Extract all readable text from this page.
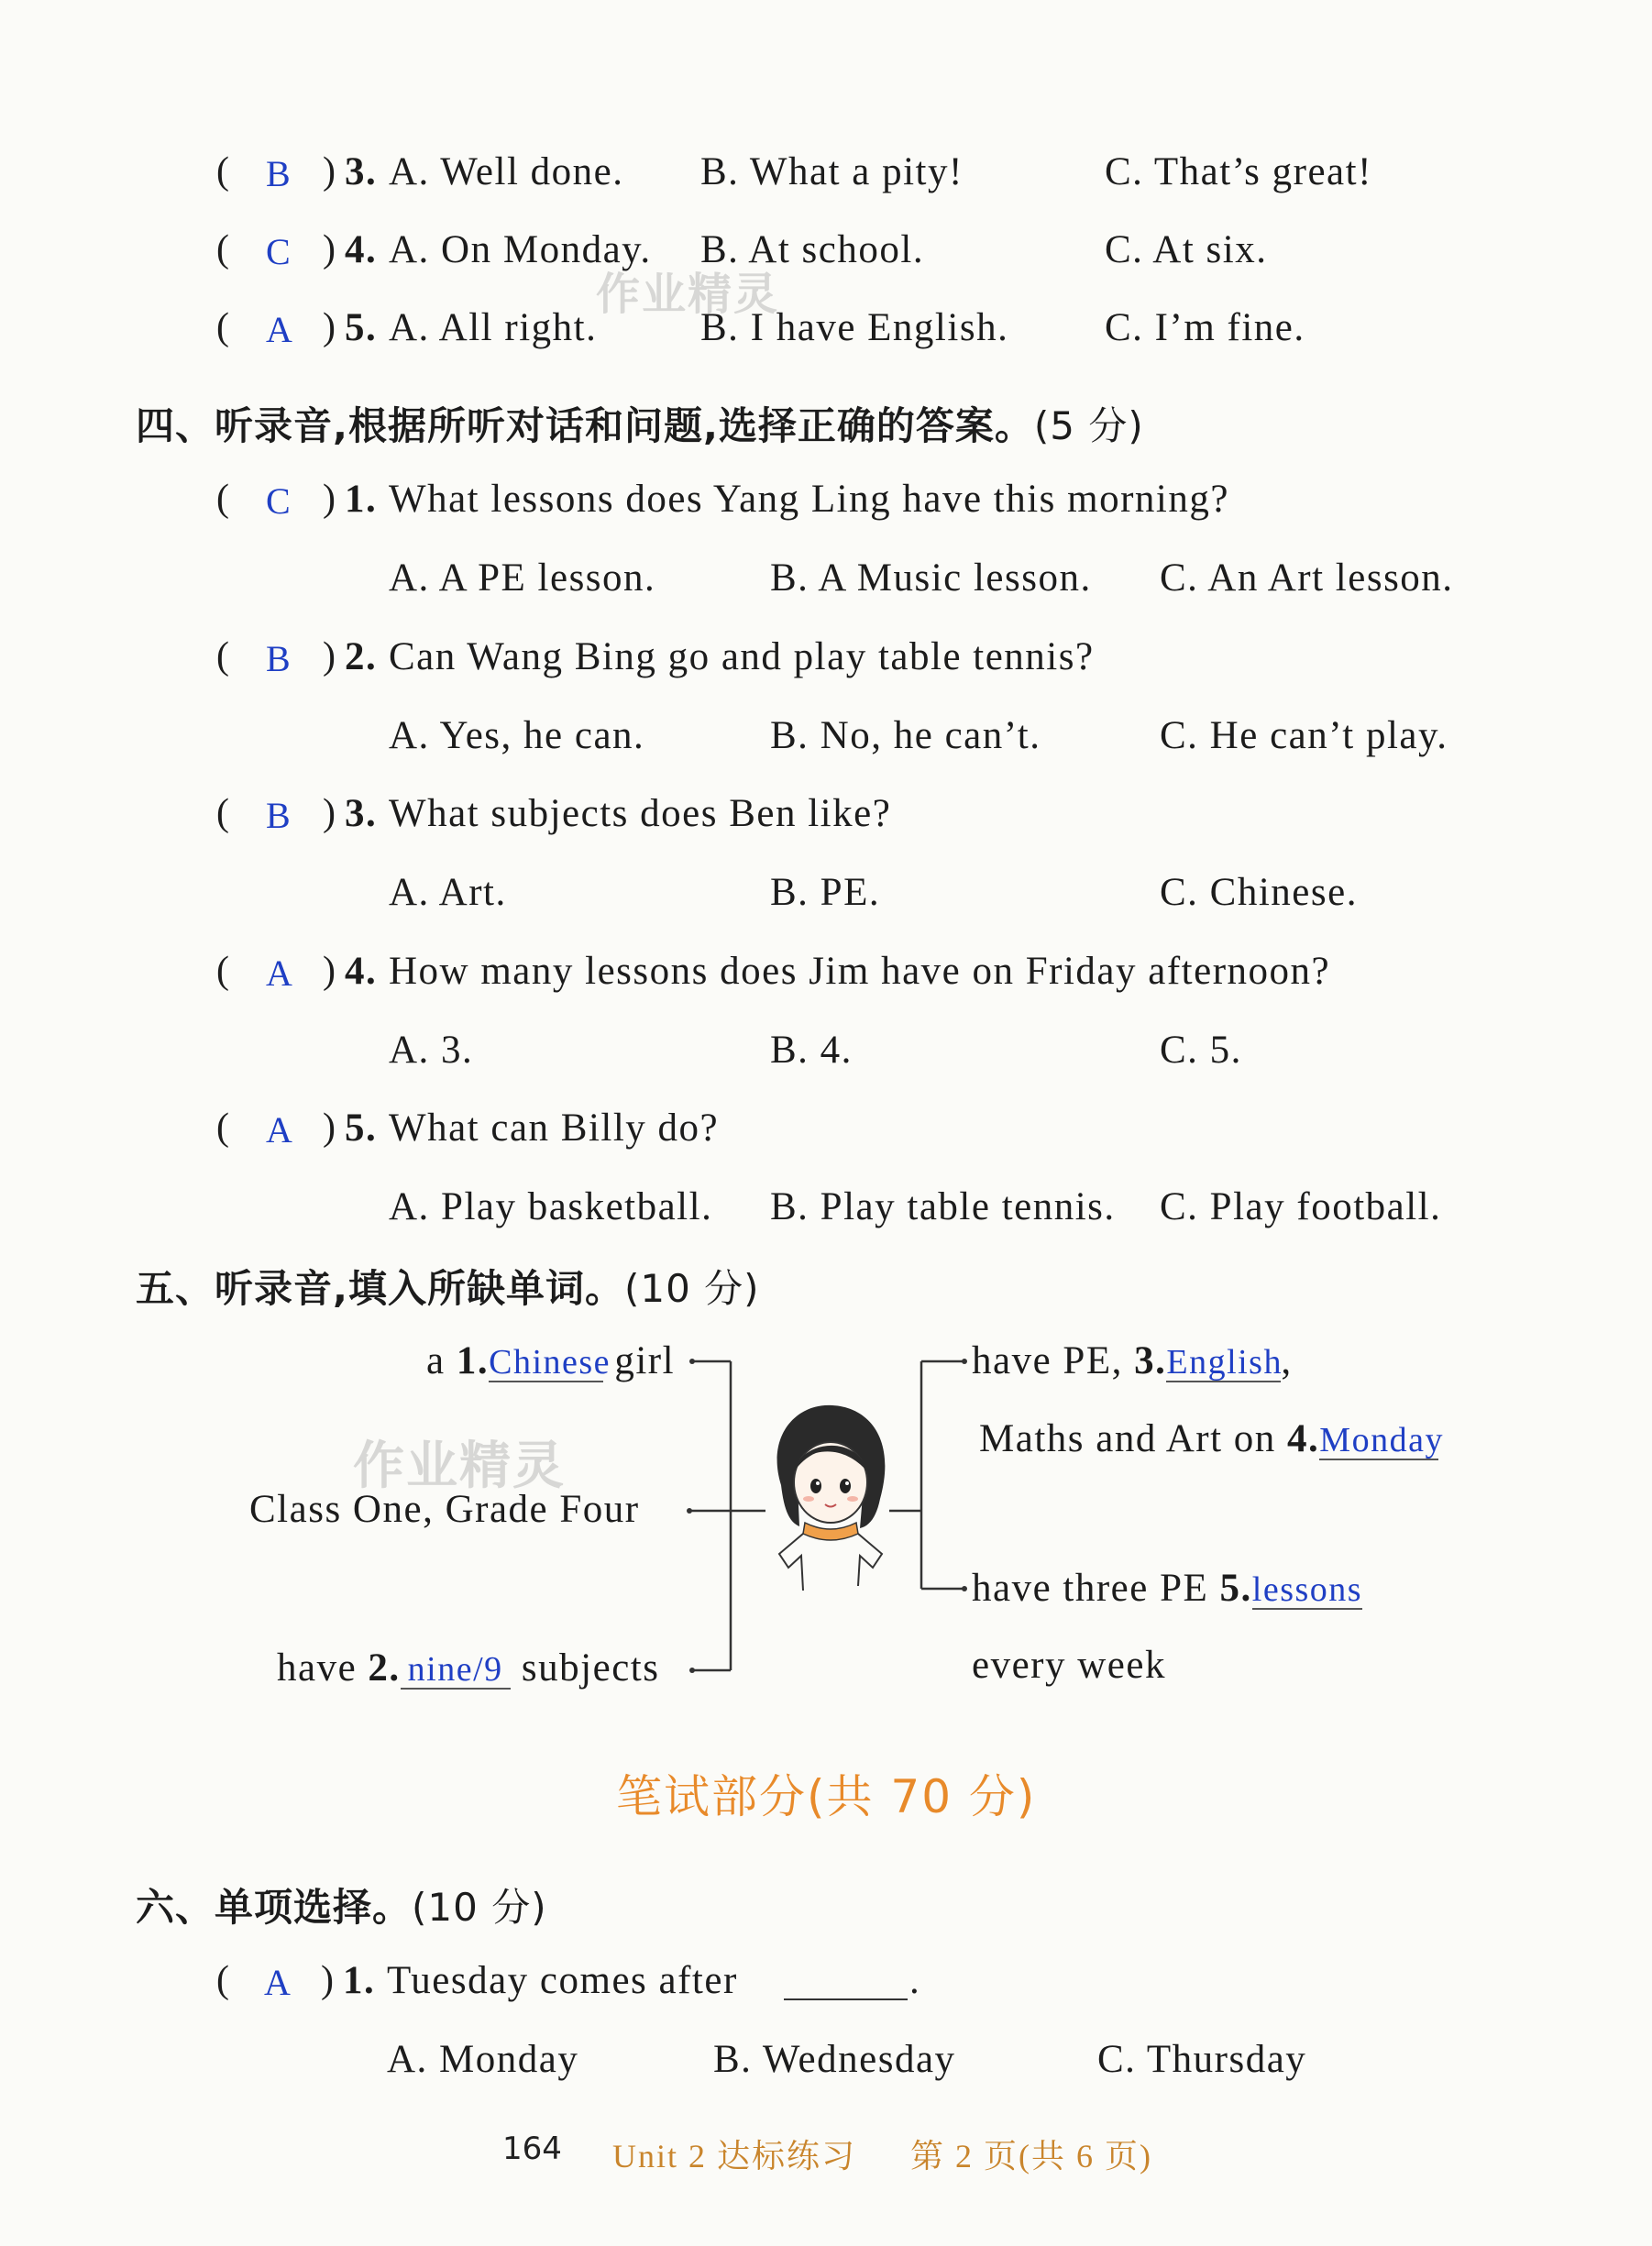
( B ) 3. A. Well done. B. What a pity!	C. That’s great!
( C ) 4. A. On Monday. B. At school.	C. At six.
( A ) 5. A. All right.	B. I have English. C. I’m fine.
作业精灵
四、听录音,根据所听对话和问题,选择正确的答案。(5 分)
( C ) 1. What lessons does Yang Ling have this morning?
A. A PE lesson.	B. A Music lesson. C. An Art lesson.
( B ) 2. Can Wang Bing go and play table tennis?
A. Yes, he can.	B. No, he can’t.	C. He can’t play.
( B ) 3. What subjects does Ben like?
A. Art.	B. PE.	C. Chinese.
( A ) 4. How many lessons does Jim have on Friday afternoon?
A. 3.	B. 4.	C. 5.
( A ) 5. What can Billy do?
A. Play basketball. B. Play table tennis. C. Play football.
五、听录音,填入所缺单词。(10 分)
a 1.Chinese girl
作业精灵
Class One, Grade Four
have 2. nine/9 subjects
have PE, 3.English,
Maths and Art on 4.Monday
have three PE 5.lessons
every week
笔试部分(共 70 分)
六、单项选择。(10 分)
( A ) 1. Tuesday comes after	.
A. Monday	B. Wednesday	C. Thursday
164 Unit 2 达标练习 第 2 页(共 6 页)
